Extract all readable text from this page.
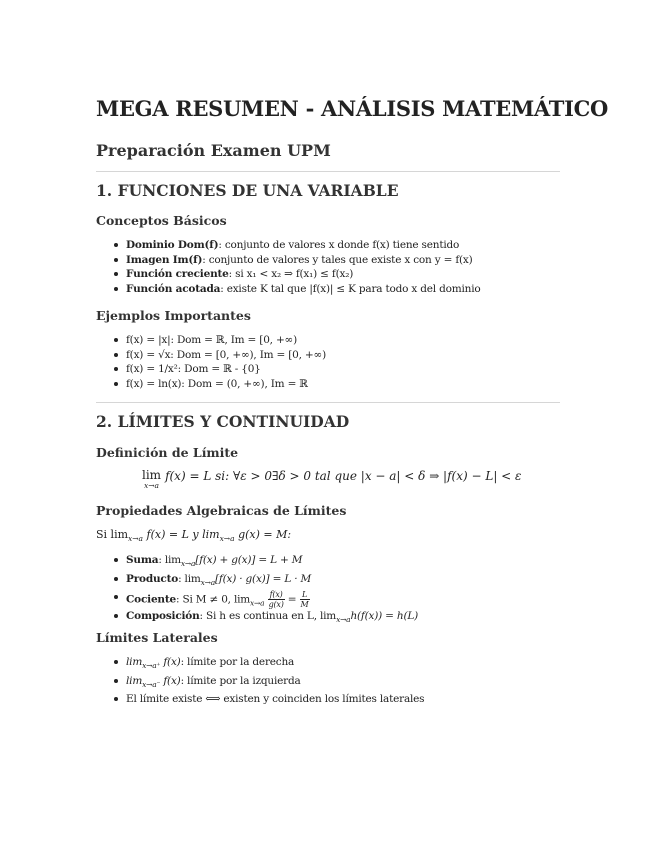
MEGA RESUMEN - ANÁLISIS MATEMÁTICO
Preparación Examen UPM
1. FUNCIONES DE UNA VARIABLE
Conceptos Básicos
Dominio Dom(f): conjunto de valores x donde f(x) tiene sentido
Imagen Im(f): conjunto de valores y tales que existe x con y = f(x)
Función creciente: si x₁ < x₂ ⇒ f(x₁) ≤ f(x₂)
Función acotada: existe K tal que |f(x)| ≤ K para todo x del dominio
Ejemplos Importantes
f(x) = |x|: Dom = ℝ, Im = [0, +∞)
f(x) = √x: Dom = [0, +∞), Im = [0, +∞)
f(x) = 1/x²: Dom = ℝ - {0}
f(x) = ln(x): Dom = (0, +∞), Im = ℝ
2. LÍMITES Y CONTINUIDAD
Definición de Límite
lim
x→a
f(x) = L si: ∀ε > 0∃δ > 0 tal que |x − a| < δ ⇒ |f(x) − L| < ε
Propiedades Algebraicas de Límites
Si $\lim_{x\to a} f(x) = L$ y $\lim_{x\to a} g(x) = M$:
Suma: $\lim_{x\to a}[f(x) + g(x)] = L + M$
Producto: $\lim_{x\to a}[f(x) \cdot g(x)] = L \cdot M$
Cociente: Si M ≠ 0, $\lim_{x\to a} \frac{f(x)}{g(x)} = \frac{L}{M}$
Composición: Si h es continua en L, $\lim_{x\to a}h(f(x)) = h(L)$
Límites Laterales
$\lim_{x\to a^+} f(x)$: límite por la derecha
$\lim_{x\to a^-} f(x)$: límite por la izquierda
El límite existe ⟺ existen y coinciden los límites laterales
